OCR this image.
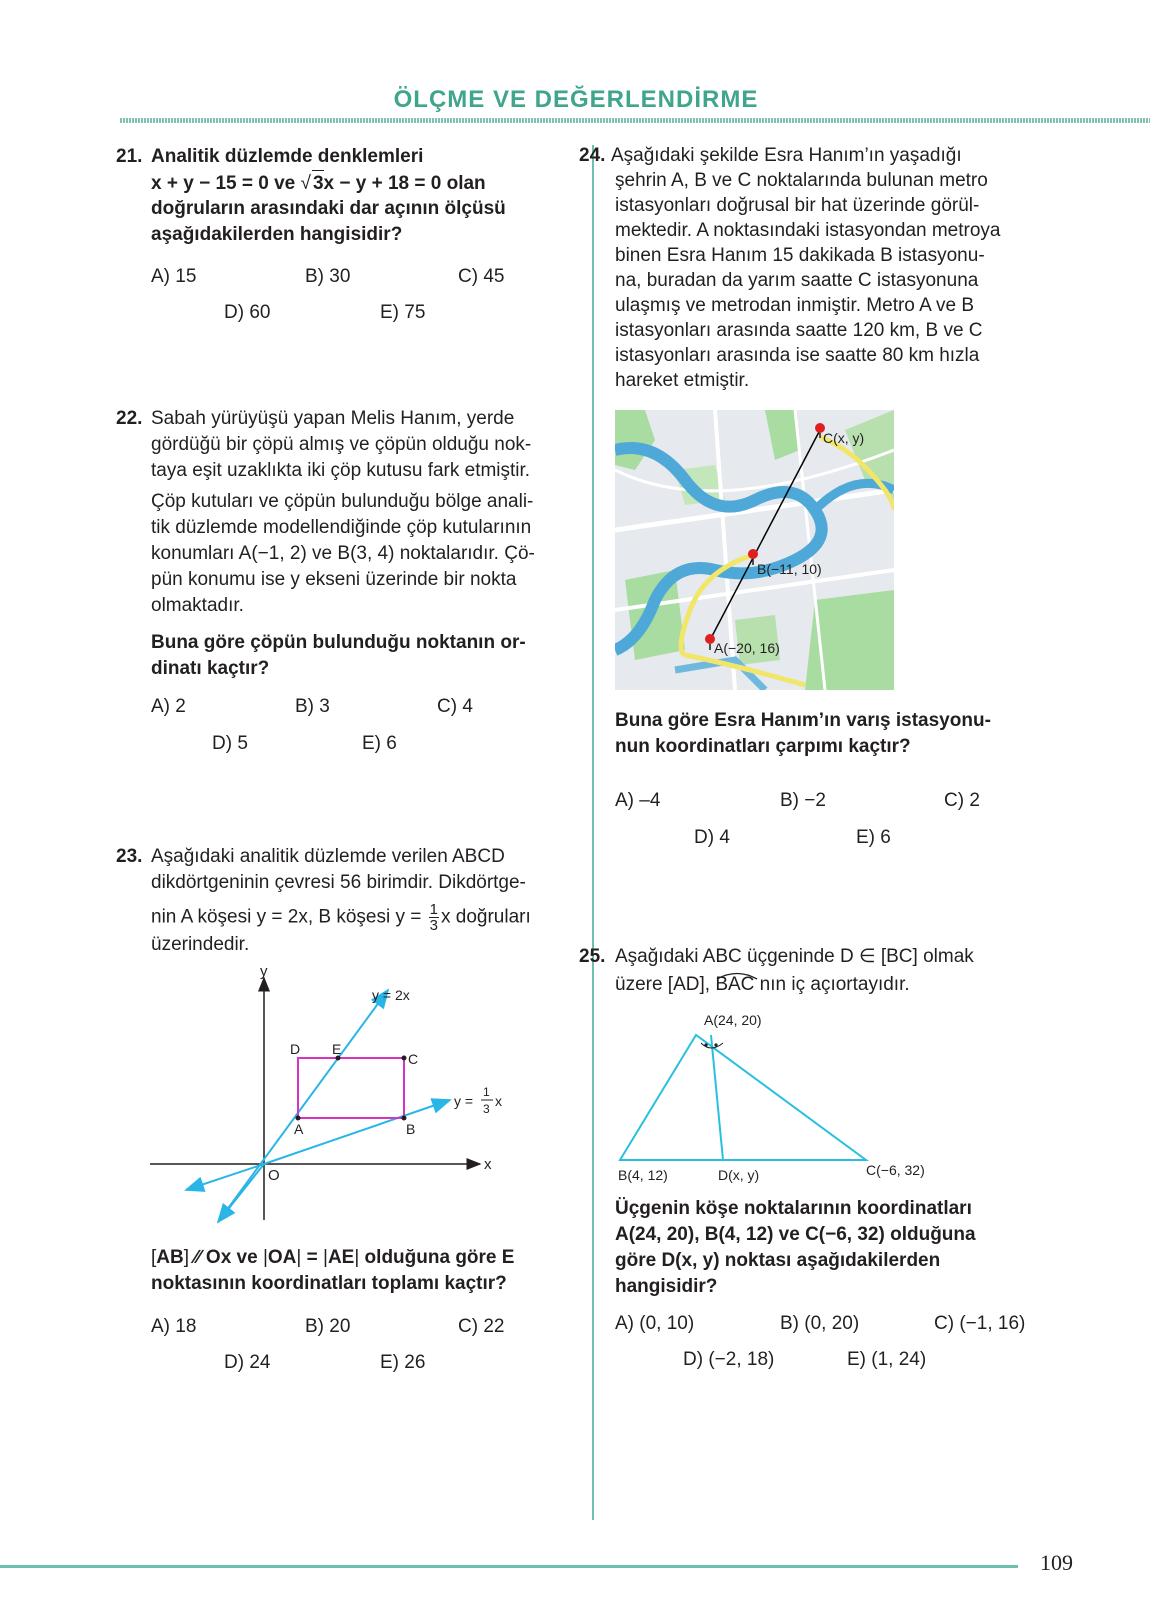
ÖLÇME VE DEĞERLENDİRME
21. Analitik düzlemde denklemleri
x + y − 15 = 0 ve √ 3x − y + 18 = 0 olan
doğruların arasındaki dar açının ölçüsü
aşağıdakilerden hangisidir?
A) 15	B) 30	C) 45
D) 60	E) 75
22. Sabah yürüyüşü yapan Melis Hanım, yerde
gördüğü bir çöpü almış ve çöpün olduğu nok-
taya eşit uzaklıkta iki çöp kutusu fark etmiştir.
Çöp kutuları ve çöpün bulunduğu bölge anali-
tik düzlemde modellendiğinde çöp kutularının
konumları A(−1, 2) ve B(3, 4) noktalarıdır. Çö-
pün konumu ise y ekseni üzerinde bir nokta
olmaktadır.
Buna göre çöpün bulunduğu noktanın or-
dinatı kaçtır?
A) 2	B) 3	C) 4
D) 5	E) 6
23. Aşağıdaki analitik düzlemde verilen ABCD
dikdörtgeninin çevresi 56 birimdir. Dikdörtge-
nin A köşesi y = 2x, B köşesi $y = \frac{1}{3}$ x doğruları
üzerindedir.
y
x
O
y = 2x
y =
1
3 x
A	B
C
D E
[AB] ∕∕ Ox ve |OA| = |AE| olduğuna göre E
noktasının koordinatları toplamı kaçtır?
A) 18	B) 20	C) 22
D) 24	E) 26
24. Aşağıdaki şekilde Esra Hanım’ın yaşadığı
şehrin A, B ve C noktalarında bulunan metro
istasyonları doğrusal bir hat üzerinde görül-
mektedir. A noktasındaki istasyondan metroya
binen Esra Hanım 15 dakikada B istasyonu-
na, buradan da yarım saatte C istasyonuna
ulaşmış ve metrodan inmiştir. Metro A ve B
istasyonları arasında saatte 120 km, B ve C
istasyonları arasında ise saatte 80 km hızla
hareket etmiştir.
C(x, y)
B(−11, 10)
A(−20, 16)
Buna göre Esra Hanım’ın varış istasyonu-
nun koordinatları çarpımı kaçtır?
A) –4	B) −2	C) 2
D) 4	E) 6
25. Aşağıdaki ABC üçgeninde D ∈ [BC] olmak
üzere [AD],
BAC nın iç açıortayıdır.
A(24, 20)
B(4, 12)	D(x, y)	C(−6, 32)
Üçgenin köşe noktalarının koordinatları
A(24, 20), B(4, 12) ve C(−6, 32) olduğuna
göre D(x, y) noktası aşağıdakilerden
hangisidir?
A) (0, 10)	B) (0, 20)	C) (−1, 16)
D) (−2, 18)	E) (1, 24)
109
